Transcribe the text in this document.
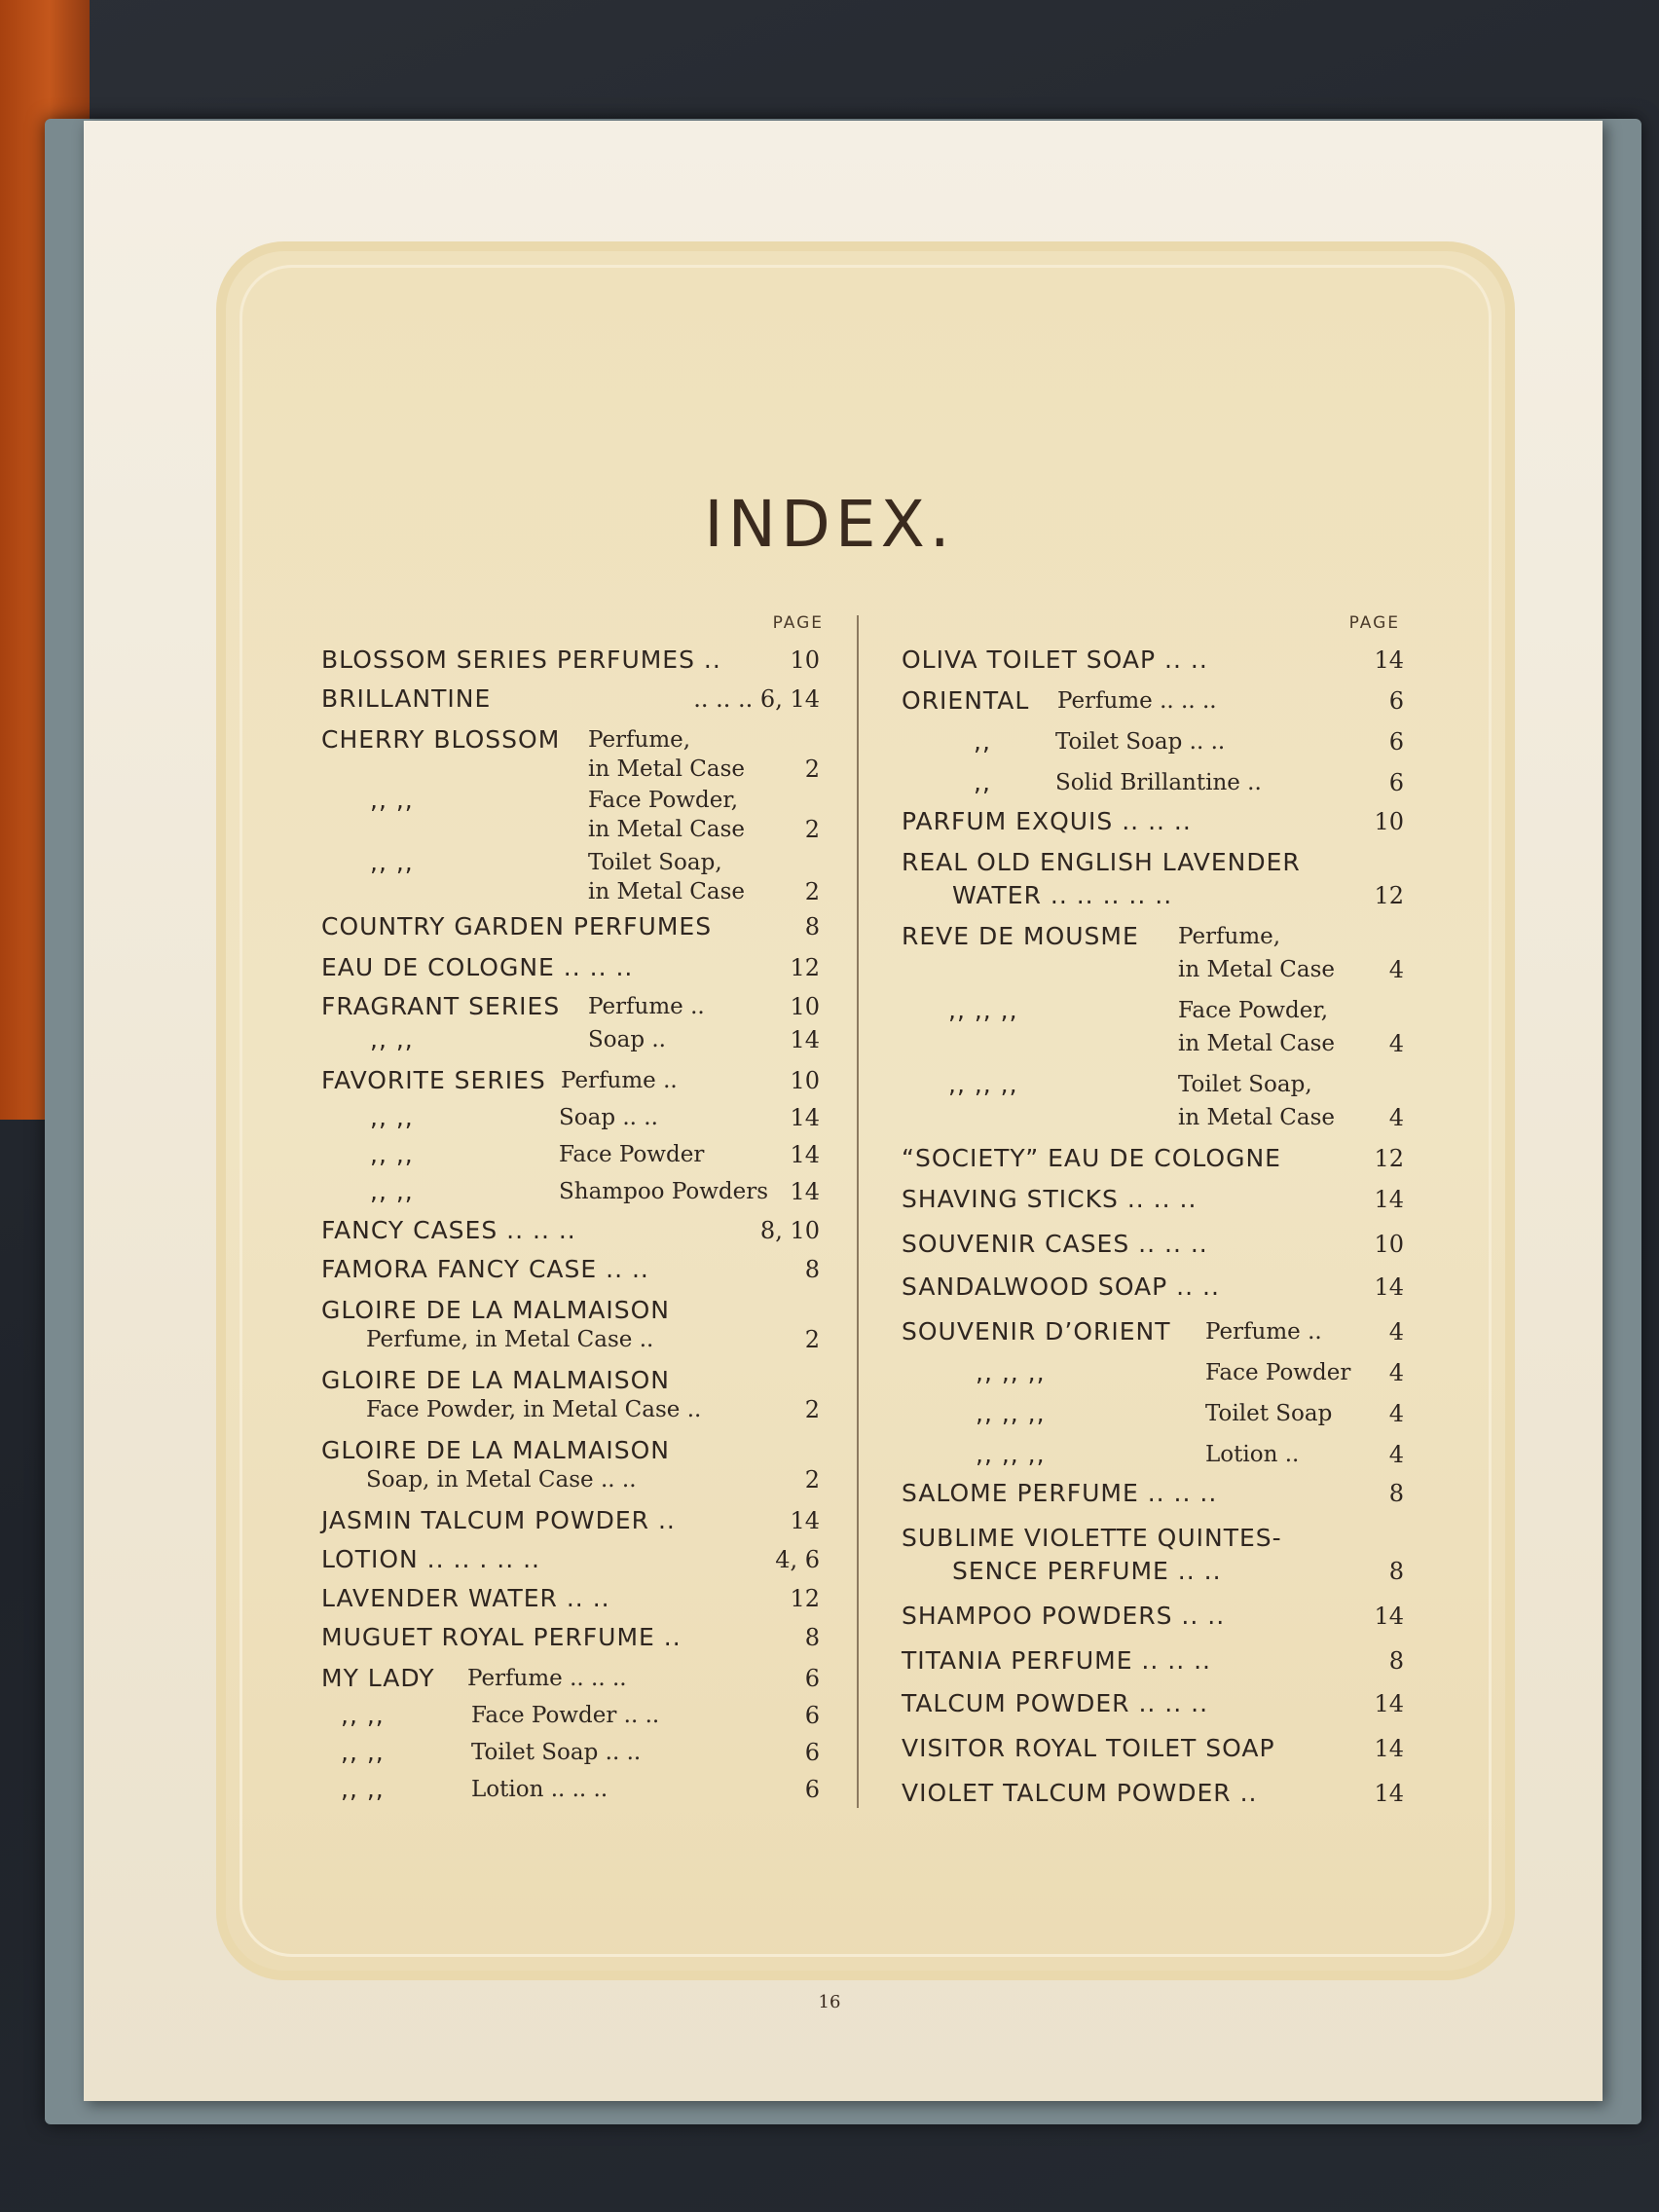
INDEX.
PAGE	PAGE
BLOSSOM SERIES PERFUMES ..	10
BRILLANTINE	.. .. .. 6, 14
CHERRY BLOSSOM Perfume,
in Metal Case	2
,, ,,	Face Powder,
in Metal Case	2
,, ,,	Toilet Soap,
in Metal Case	2
COUNTRY GARDEN PERFUMES	8
EAU DE COLOGNE .. .. ..	12
FRAGRANT SERIES Perfume ..	10
,, ,,	Soap ..	14
FAVORITE SERIES Perfume ..	10
,, ,,	Soap .. ..	14
,, ,,	Face Powder	14
,, ,,	Shampoo Powders 14
FANCY CASES .. .. ..	8, 10
FAMORA FANCY CASE .. ..	8
GLOIRE DE LA MALMAISON
Perfume, in Metal Case ..	2
GLOIRE DE LA MALMAISON
Face Powder, in Metal Case ..	2
GLOIRE DE LA MALMAISON
Soap, in Metal Case .. ..	2
JASMIN TALCUM POWDER ..	14
LOTION .. .. . .. ..	4, 6
LAVENDER WATER .. ..	12
MUGUET ROYAL PERFUME ..	8
MY LADY Perfume .. .. ..	6
,, ,,	Face Powder .. ..	6
,, ,,	Toilet Soap .. ..	6
,, ,,	Lotion .. .. ..	6
OLIVA TOILET SOAP .. ..	14
ORIENTAL Perfume .. .. ..	6
,,	Toilet Soap .. ..	6
,,	Solid Brillantine ..	6
PARFUM EXQUIS .. .. ..	10
REAL OLD ENGLISH LAVENDER
WATER .. .. .. .. ..	12
REVE DE MOUSME Perfume,
in Metal Case	4
,, ,, ,,	Face Powder,
in Metal Case	4
,, ,, ,,	Toilet Soap,
in Metal Case	4
“SOCIETY” EAU DE COLOGNE	12
SHAVING STICKS .. .. ..	14
SOUVENIR CASES .. .. ..	10
SANDALWOOD SOAP .. ..	14
SOUVENIR D’ORIENT Perfume ..	4
,, ,, ,,	Face Powder	4
,, ,, ,,	Toilet Soap	4
,, ,, ,,	Lotion ..	4
SALOME PERFUME .. .. ..	8
SUBLIME VIOLETTE QUINTES-
SENCE PERFUME .. ..	8
SHAMPOO POWDERS .. ..	14
TITANIA PERFUME .. .. ..	8
TALCUM POWDER .. .. ..	14
VISITOR ROYAL TOILET SOAP	14
VIOLET TALCUM POWDER ..	14
16
